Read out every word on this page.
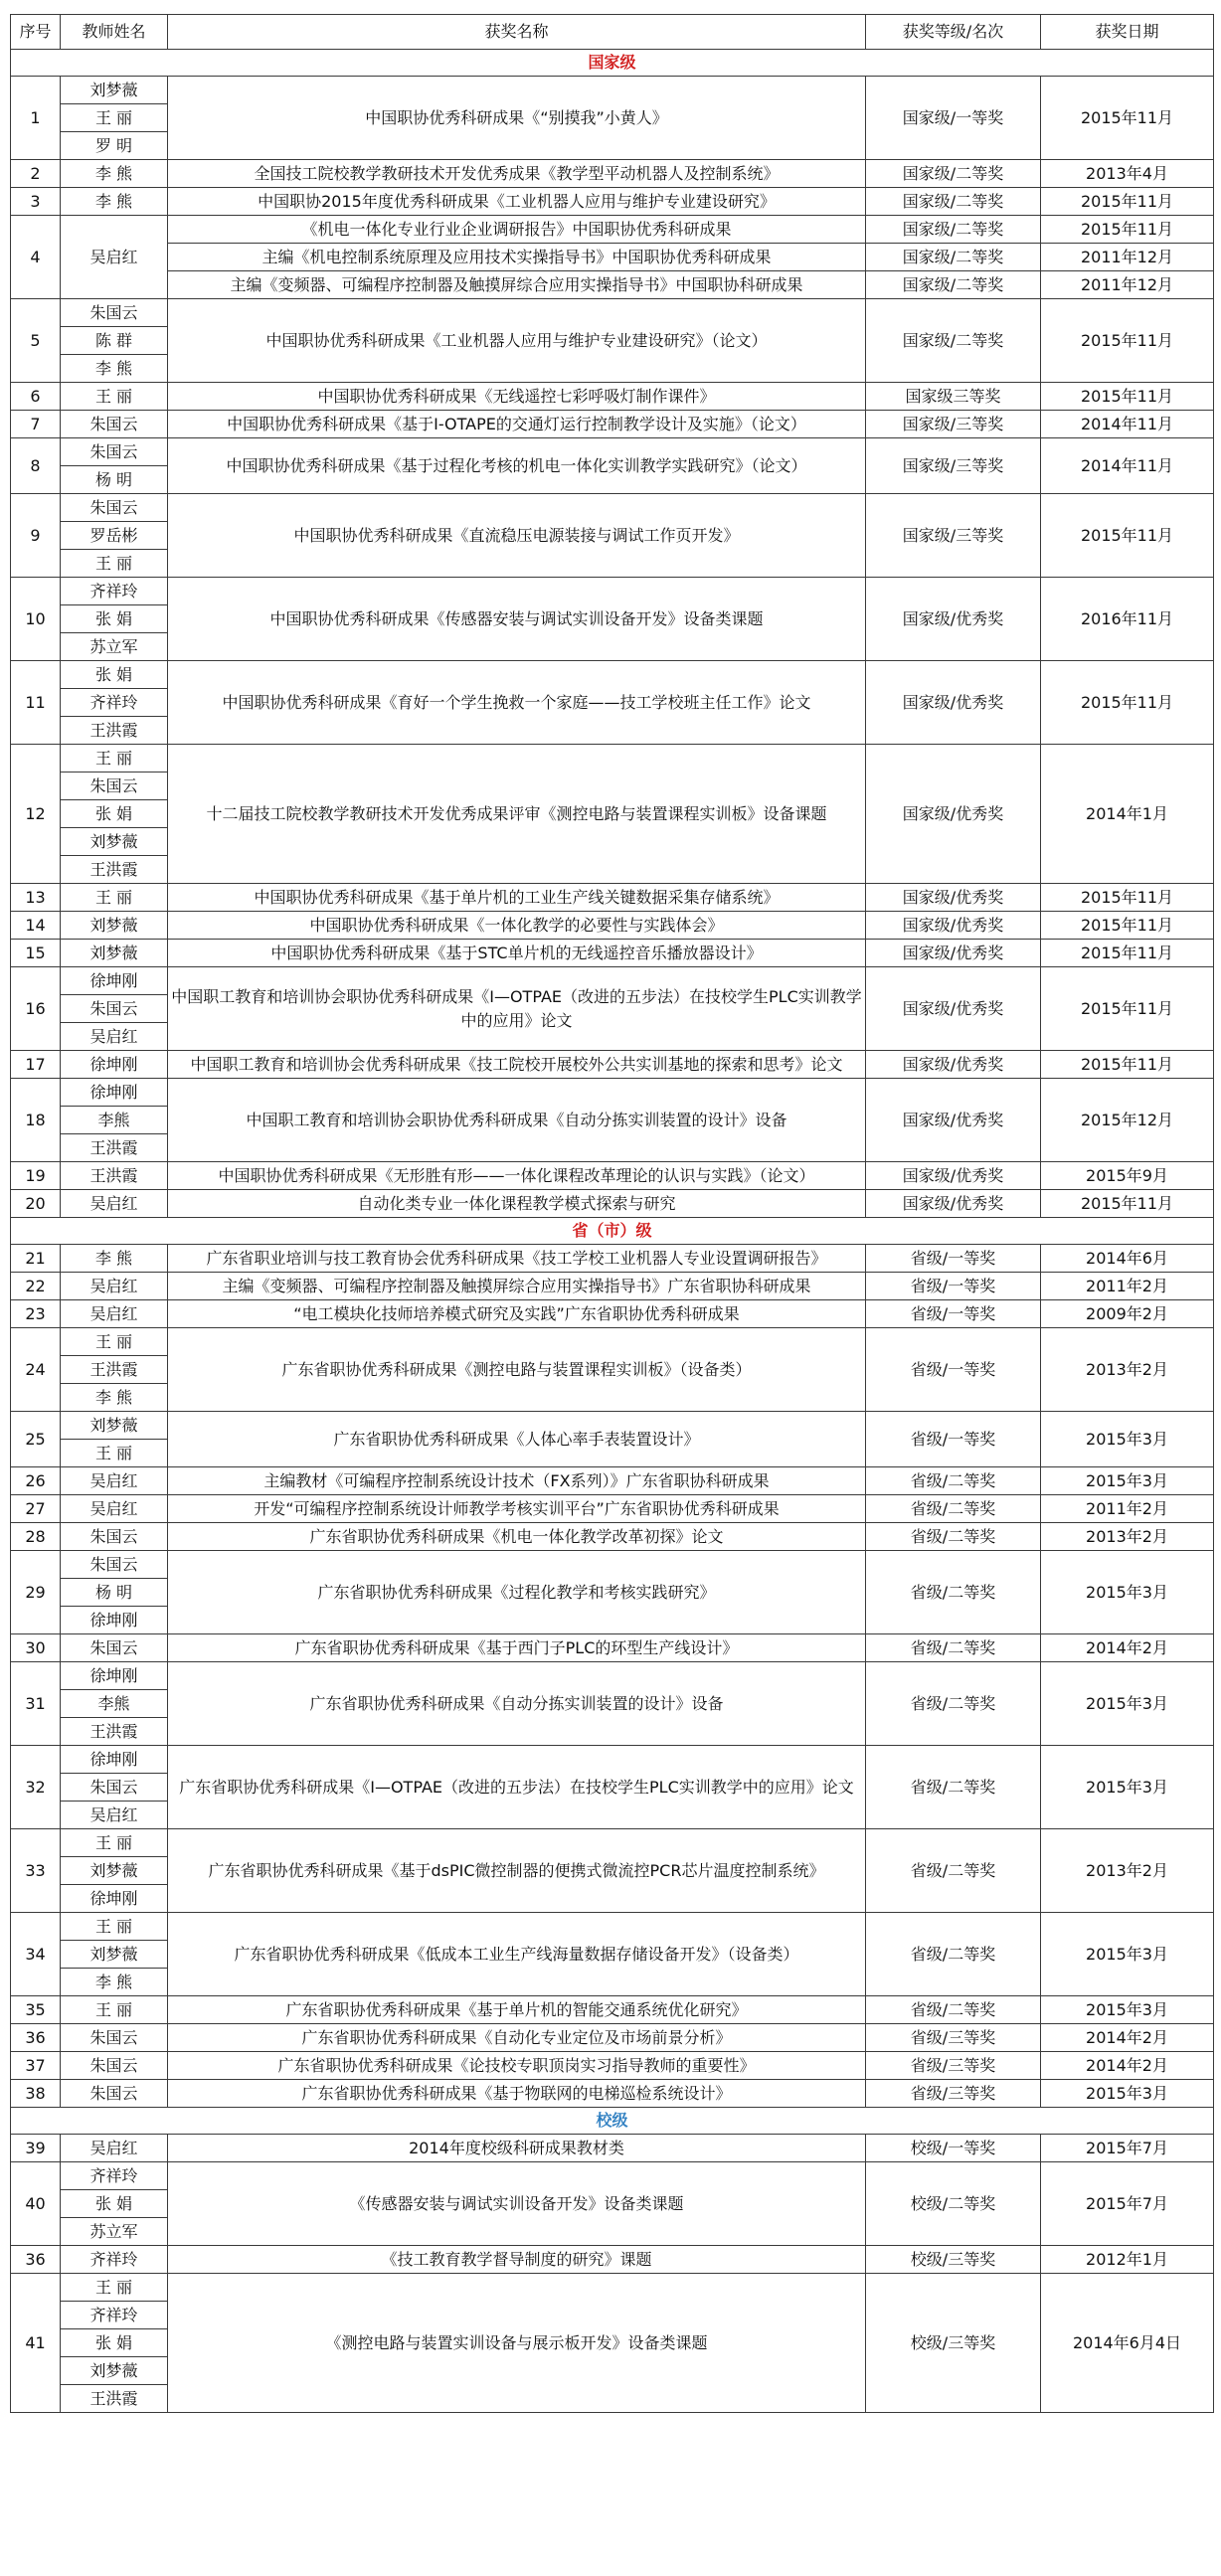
序号	教师姓名	获奖名称	获奖等级/名次	获奖日期
国家级				
1	刘梦薇	中国职协优秀科研成果《“别摸我”小黄人》	国家级/一等奖	2015年11月
	王 丽			
	罗 明			
2	李 熊	全国技工院校教学教研技术开发优秀成果《教学型平动机器人及控制系统》	国家级/二等奖	2013年4月
3	李 熊	中国职协2015年度优秀科研成果《工业机器人应用与维护专业建设研究》	国家级/二等奖	2015年11月
4	吴启红	《机电一体化专业行业企业调研报告》中国职协优秀科研成果	国家级/二等奖	2015年11月
		主编《机电控制系统原理及应用技术实操指导书》中国职协优秀科研成果	国家级/二等奖	2011年12月
		主编《变频器、可编程序控制器及触摸屏综合应用实操指导书》中国职协科研成果	国家级/二等奖	2011年12月
5	朱国云	中国职协优秀科研成果《工业机器人应用与维护专业建设研究》（论文）	国家级/二等奖	2015年11月
	陈 群			
	李 熊			
6	王 丽	中国职协优秀科研成果《无线遥控七彩呼吸灯制作课件》	国家级三等奖	2015年11月
7	朱国云	中国职协优秀科研成果《基于I-OTAPE的交通灯运行控制教学设计及实施》（论文）	国家级/三等奖	2014年11月
8	朱国云	中国职协优秀科研成果《基于过程化考核的机电一体化实训教学实践研究》（论文）	国家级/三等奖	2014年11月
	杨 明			
9	朱国云	中国职协优秀科研成果《直流稳压电源装接与调试工作页开发》	国家级/三等奖	2015年11月
	罗岳彬			
	王 丽			
10	齐祥玲	中国职协优秀科研成果《传感器安装与调试实训设备开发》设备类课题	国家级/优秀奖	2016年11月
	张 娟			
	苏立军			
11	张 娟	中国职协优秀科研成果《育好一个学生挽救一个家庭——技工学校班主任工作》论文	国家级/优秀奖	2015年11月
	齐祥玲			
	王洪霞			
12	王 丽	十二届技工院校教学教研技术开发优秀成果评审《测控电路与装置课程实训板》设备课题	国家级/优秀奖	2014年1月
	朱国云			
	张 娟			
	刘梦薇			
	王洪霞			
13	王 丽	中国职协优秀科研成果《基于单片机的工业生产线关键数据采集存储系统》	国家级/优秀奖	2015年11月
14	刘梦薇	中国职协优秀科研成果《一体化教学的必要性与实践体会》	国家级/优秀奖	2015年11月
15	刘梦薇	中国职协优秀科研成果《基于STC单片机的无线遥控音乐播放器设计》	国家级/优秀奖	2015年11月
16	徐坤刚	中国职工教育和培训协会职协优秀科研成果《I—OTPAE（改进的五步法）在技校学生PLC实训教学中的应用》论文	国家级/优秀奖	2015年11月
	朱国云			
	吴启红			
17	徐坤刚	中国职工教育和培训协会优秀科研成果《技工院校开展校外公共实训基地的探索和思考》论文	国家级/优秀奖	2015年11月
18	徐坤刚	中国职工教育和培训协会职协优秀科研成果《自动分拣实训装置的设计》设备	国家级/优秀奖	2015年12月
	李熊			
	王洪霞			
19	王洪霞	中国职协优秀科研成果《无形胜有形——一体化课程改革理论的认识与实践》（论文）	国家级/优秀奖	2015年9月
20	吴启红	自动化类专业一体化课程教学模式探索与研究	国家级/优秀奖	2015年11月
省（市）级				
21	李 熊	广东省职业培训与技工教育协会优秀科研成果《技工学校工业机器人专业设置调研报告》	省级/一等奖	2014年6月
22	吴启红	主编《变频器、可编程序控制器及触摸屏综合应用实操指导书》广东省职协科研成果	省级/一等奖	2011年2月
23	吴启红	“电工模块化技师培养模式研究及实践”广东省职协优秀科研成果	省级/一等奖	2009年2月
24	王 丽	广东省职协优秀科研成果《测控电路与装置课程实训板》（设备类）	省级/一等奖	2013年2月
	王洪霞			
	李 熊			
25	刘梦薇	广东省职协优秀科研成果《人体心率手表装置设计》	省级/一等奖	2015年3月
	王 丽			
26	吴启红	主编教材《可编程序控制系统设计技术（FX系列）》广东省职协科研成果	省级/二等奖	2015年3月
27	吴启红	开发“可编程序控制系统设计师教学考核实训平台”广东省职协优秀科研成果	省级/二等奖	2011年2月
28	朱国云	广东省职协优秀科研成果《机电一体化教学改革初探》论文	省级/二等奖	2013年2月
29	朱国云	广东省职协优秀科研成果《过程化教学和考核实践研究》	省级/二等奖	2015年3月
	杨 明			
	徐坤刚			
30	朱国云	广东省职协优秀科研成果《基于西门子PLC的环型生产线设计》	省级/二等奖	2014年2月
31	徐坤刚	广东省职协优秀科研成果《自动分拣实训装置的设计》设备	省级/二等奖	2015年3月
	李熊			
	王洪霞			
32	徐坤刚	广东省职协优秀科研成果《I—OTPAE（改进的五步法）在技校学生PLC实训教学中的应用》论文	省级/二等奖	2015年3月
	朱国云			
	吴启红			
33	王 丽	广东省职协优秀科研成果《基于dsPIC微控制器的便携式微流控PCR芯片温度控制系统》	省级/二等奖	2013年2月
	刘梦薇			
	徐坤刚			
34	王 丽	广东省职协优秀科研成果《低成本工业生产线海量数据存储设备开发》（设备类）	省级/二等奖	2015年3月
	刘梦薇			
	李 熊			
35	王 丽	广东省职协优秀科研成果《基于单片机的智能交通系统优化研究》	省级/二等奖	2015年3月
36	朱国云	广东省职协优秀科研成果《自动化专业定位及市场前景分析》	省级/三等奖	2014年2月
37	朱国云	广东省职协优秀科研成果《论技校专职顶岗实习指导教师的重要性》	省级/三等奖	2014年2月
38	朱国云	广东省职协优秀科研成果《基于物联网的电梯巡检系统设计》	省级/三等奖	2015年3月
校级				
39	吴启红	2014年度校级科研成果教材类	校级/一等奖	2015年7月
40	齐祥玲	《传感器安装与调试实训设备开发》设备类课题	校级/二等奖	2015年7月
	张 娟			
	苏立军			
36	齐祥玲	《技工教育教学督导制度的研究》课题	校级/三等奖	2012年1月
41	王 丽	《测控电路与装置实训设备与展示板开发》设备类课题	校级/三等奖	2014年6月4日
	齐祥玲			
	张 娟			
	刘梦薇			
	王洪霞			
